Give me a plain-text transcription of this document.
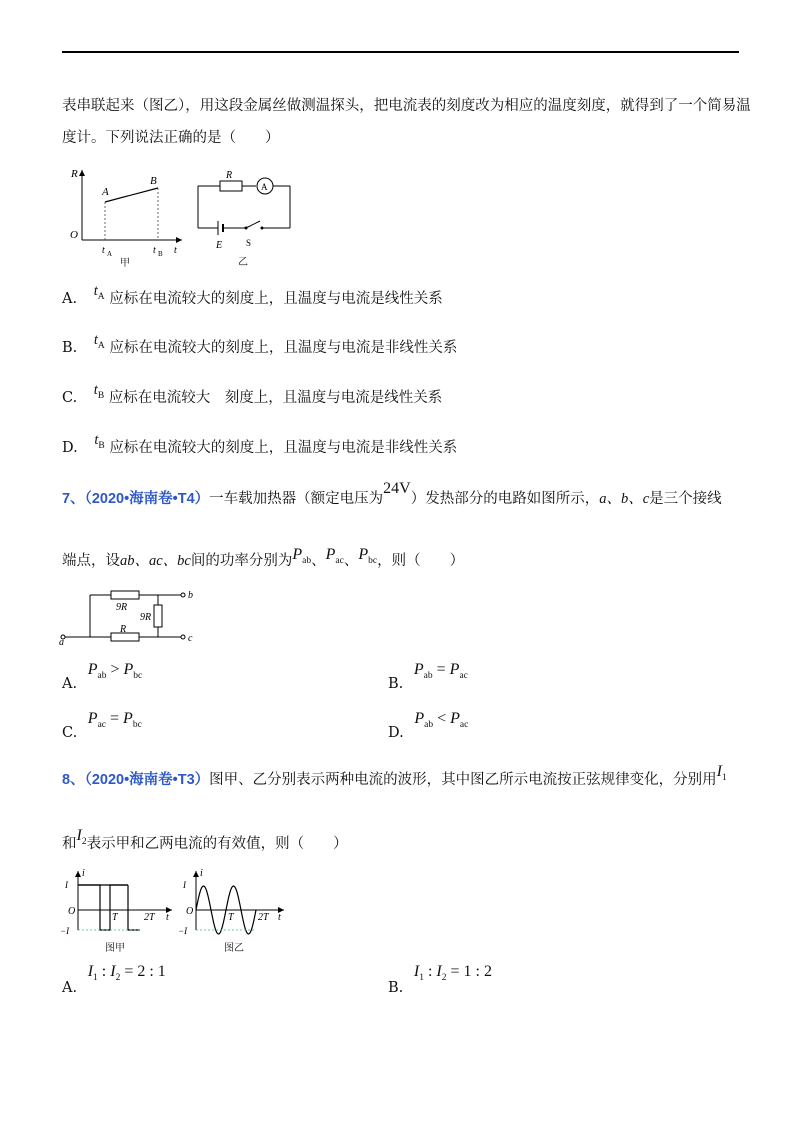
表串联起来（图乙），用这段金属丝做测温探头，把电流表的刻度改为相应的温度刻度，就得到了一个简易温
度计。下列说法正确的是（　　）
R
O
A
B
t A	t B t
甲
A
R
E	S
乙
A. $t_A$ 应标在电流较大的刻度上，且温度与电流是线性关系
B. $t_A$ 应标在电流较大的刻度上，且温度与电流是非线性关系
C. $t_B$ 应标在电流较大　刻度上，且温度与电流是线性关系
D. $t_B$ 应标在电流较大的刻度上，且温度与电流是非线性关系
7、（2020•海南卷•T4）一车载加热器（额定电压为24V）发热部分的电路如图所示，a、b、c是三个接线
端点，设ab、ac、bc间的功率分别为$P_{ab}$、$P_{ac}$、$P_{bc}$，则（　　）
9R
9R
R
a
b
c
A. $P_{ab} > P_{bc}$	B. $P_{ab} = P_{ac}$
C. $P_{ac} = P_{bc}$	D. $P_{ab} < P_{ac}$
8、（2020•海南卷•T3）图甲、乙分别表示两种电流的波形，其中图乙所示电流按正弦规律变化，分别用$I_1$
和$I_2$表示甲和乙两电流的有效值，则（　　）
i
I
O
−I
T	2T t
图甲
i
I
O
−I
T 2T t
图乙
A. $I_1$ : $I_2 = 2$ : 1
B. $I_1$ : $I_2 = 1$ : 2
